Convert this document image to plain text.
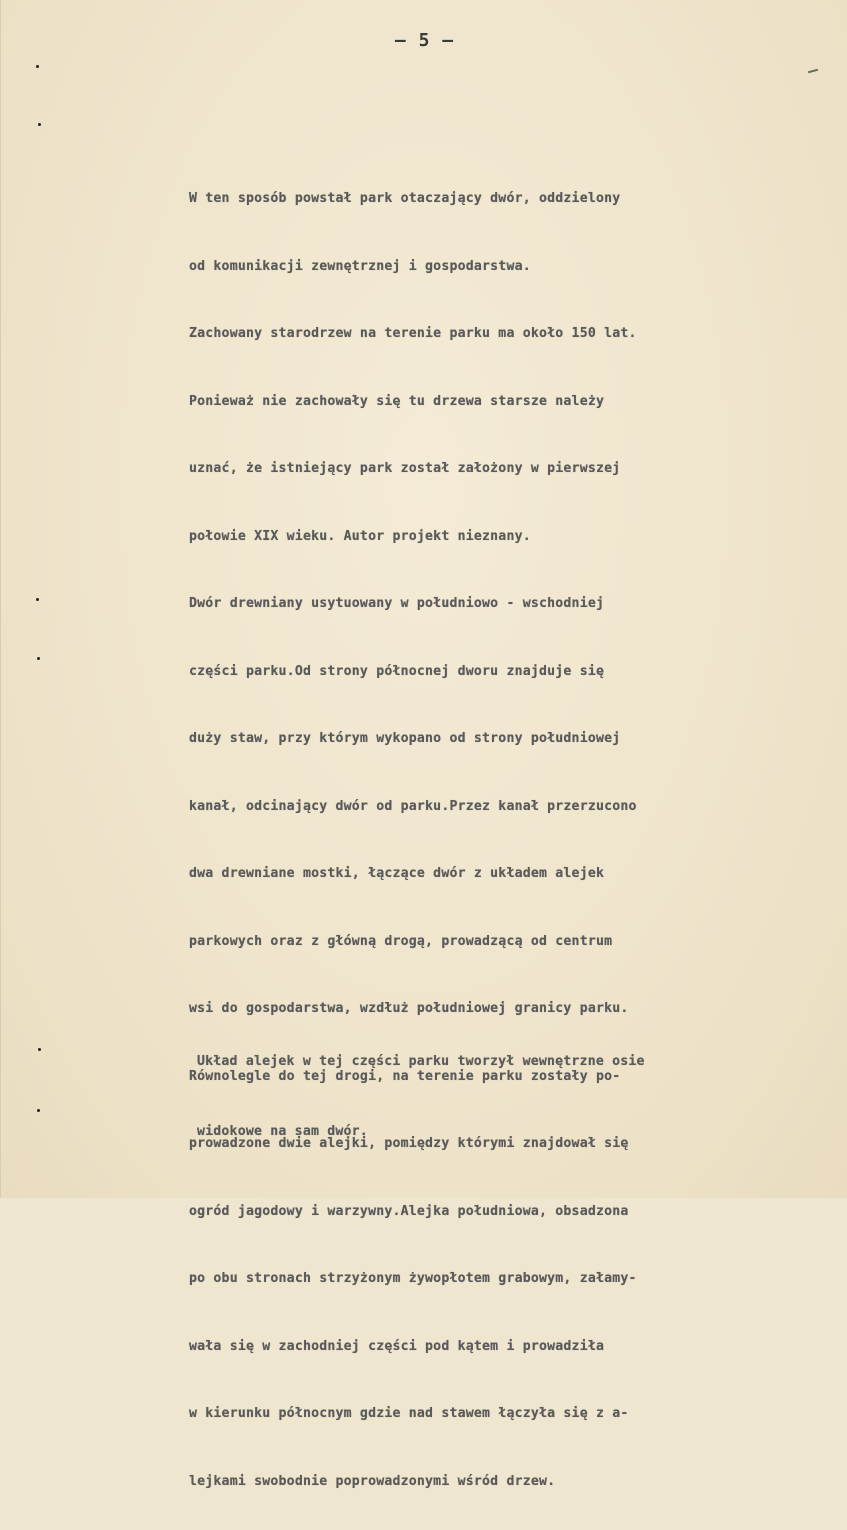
– 5 –

W ten sposób powstał park otaczający dwór, oddzielony

od komunikacji zewnętrznej i gospodarstwa.

Zachowany starodrzew na terenie parku ma około 150 lat.

Ponieważ nie zachowały się tu drzewa starsze należy

uznać, że istniejący park został założony w pierwszej

połowie XIX wieku. Autor projekt nieznany.

Dwór drewniany usytuowany w południowo - wschodniej

części parku.Od strony północnej dworu znajduje się

duży staw, przy którym wykopano od strony południowej

kanał, odcinający dwór od parku.Przez kanał przerzucono

dwa drewniane mostki, łączące dwór z układem alejek

parkowych oraz z główną drogą, prowadzącą od centrum

wsi do gospodarstwa, wzdłuż południowej granicy parku.

Równolegle do tej drogi, na terenie parku zostały po-

prowadzone dwie alejki, pomiędzy którymi znajdował się

ogród jagodowy i warzywny.Alejka południowa, obsadzona

po obu stronach strzyżonym żywopłotem grabowym, załamy-

wała się w zachodniej części pod kątem i prowadziła

w kierunku północnym gdzie nad stawem łączyła się z a-

lejkami swobodnie poprowadzonymi wśród drzew.

Układ alejek w tej części parku tworzył wewnętrzne osie

widokowe na sam dwór.
